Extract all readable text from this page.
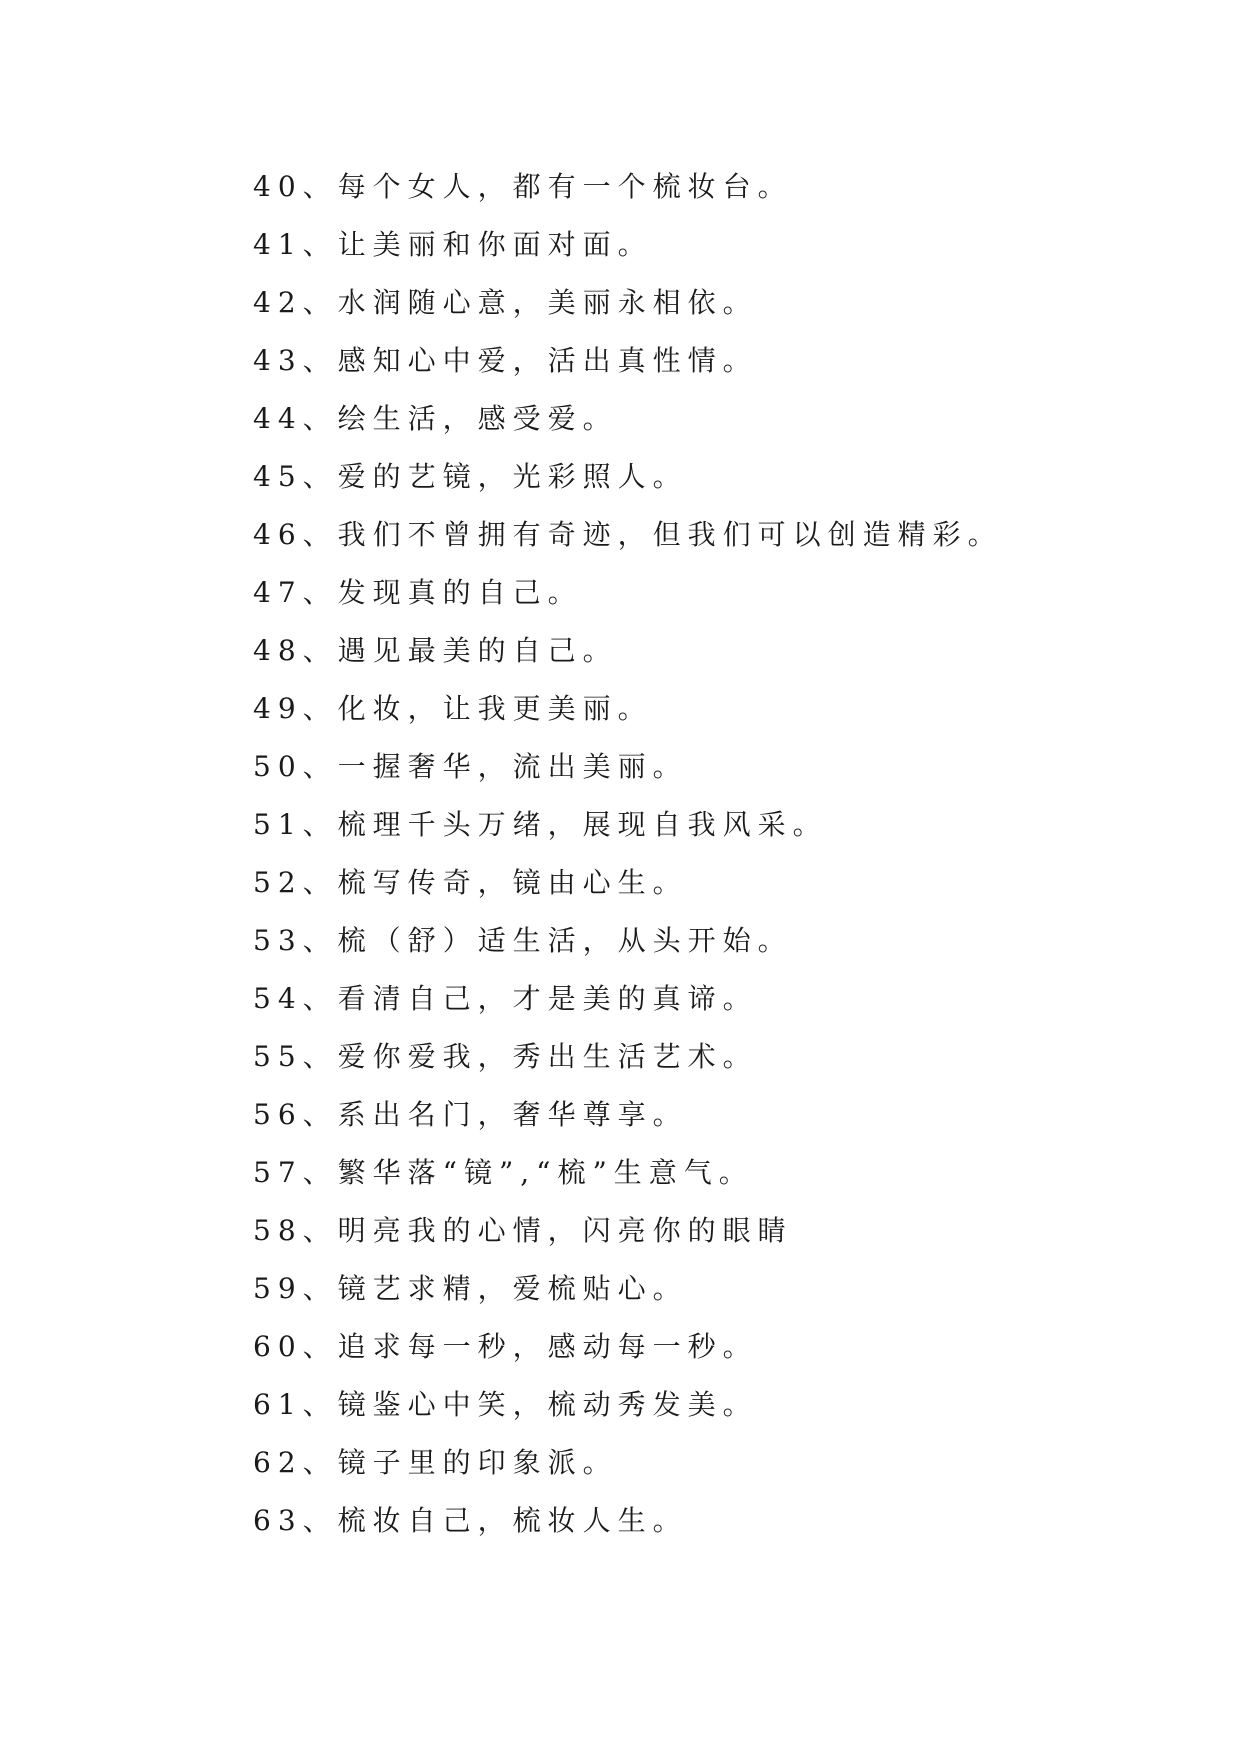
40、每个女人，都有一个梳妆台。
41、让美丽和你面对面。
42、水润随心意，美丽永相依。
43、感知心中爱，活出真性情。
44、绘生活，感受爱。
45、爱的艺镜，光彩照人。
46、我们不曾拥有奇迹，但我们可以创造精彩。
47、发现真的自己。
48、遇见最美的自己。
49、化妆，让我更美丽。
50、一握奢华，流出美丽。
51、梳理千头万绪，展现自我风采。
52、梳写传奇，镜由心生。
53、梳（舒）适生活，从头开始。
54、看清自己，才是美的真谛。
55、爱你爱我，秀出生活艺术。
56、系出名门，奢华尊享。
57、繁华落“镜”,“梳”生意气。
58、明亮我的心情，闪亮你的眼睛
59、镜艺求精，爱梳贴心。
60、追求每一秒，感动每一秒。
61、镜鉴心中笑，梳动秀发美。
62、镜子里的印象派。
63、梳妆自己，梳妆人生。
